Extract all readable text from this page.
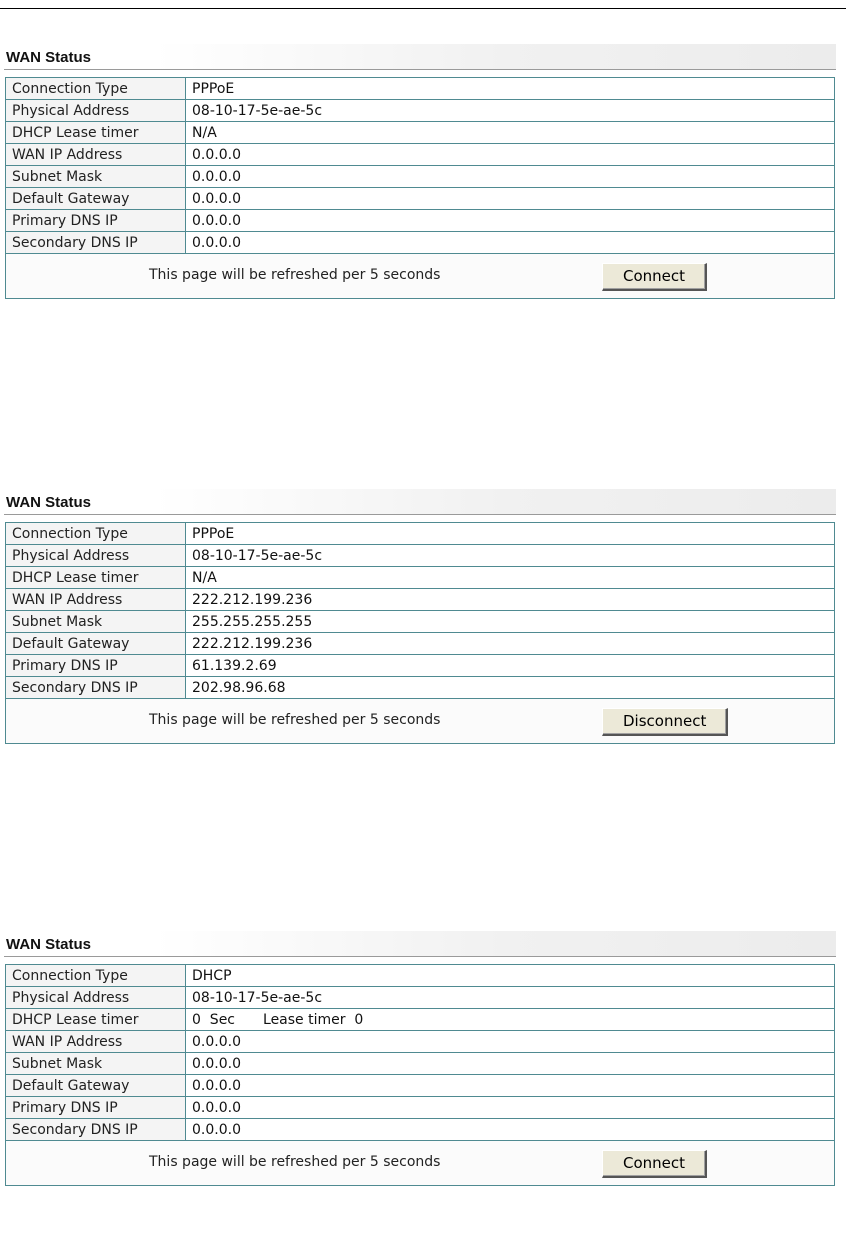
WAN Status
Connection Type	PPPoE
Physical Address	08-10-17-5e-ae-5c
DHCP Lease timer	N/A
WAN IP Address	0.0.0.0
Subnet Mask	0.0.0.0
Default Gateway	0.0.0.0
Primary DNS IP	0.0.0.0
Secondary DNS IP	0.0.0.0

This page will be refreshed per 5 seconds Connect	
WAN Status
Connection Type	PPPoE
Physical Address	08-10-17-5e-ae-5c
DHCP Lease timer	N/A
WAN IP Address	222.212.199.236
Subnet Mask	255.255.255.255
Default Gateway	222.212.199.236
Primary DNS IP	61.139.2.69
Secondary DNS IP	202.98.96.68

This page will be refreshed per 5 seconds Disconnect	
WAN Status
Connection Type	DHCP
Physical Address	08-10-17-5e-ae-5c
DHCP Lease timer	0  Sec Lease timer  0
WAN IP Address	0.0.0.0
Subnet Mask	0.0.0.0
Default Gateway	0.0.0.0
Primary DNS IP	0.0.0.0
Secondary DNS IP	0.0.0.0

This page will be refreshed per 5 seconds Connect	
